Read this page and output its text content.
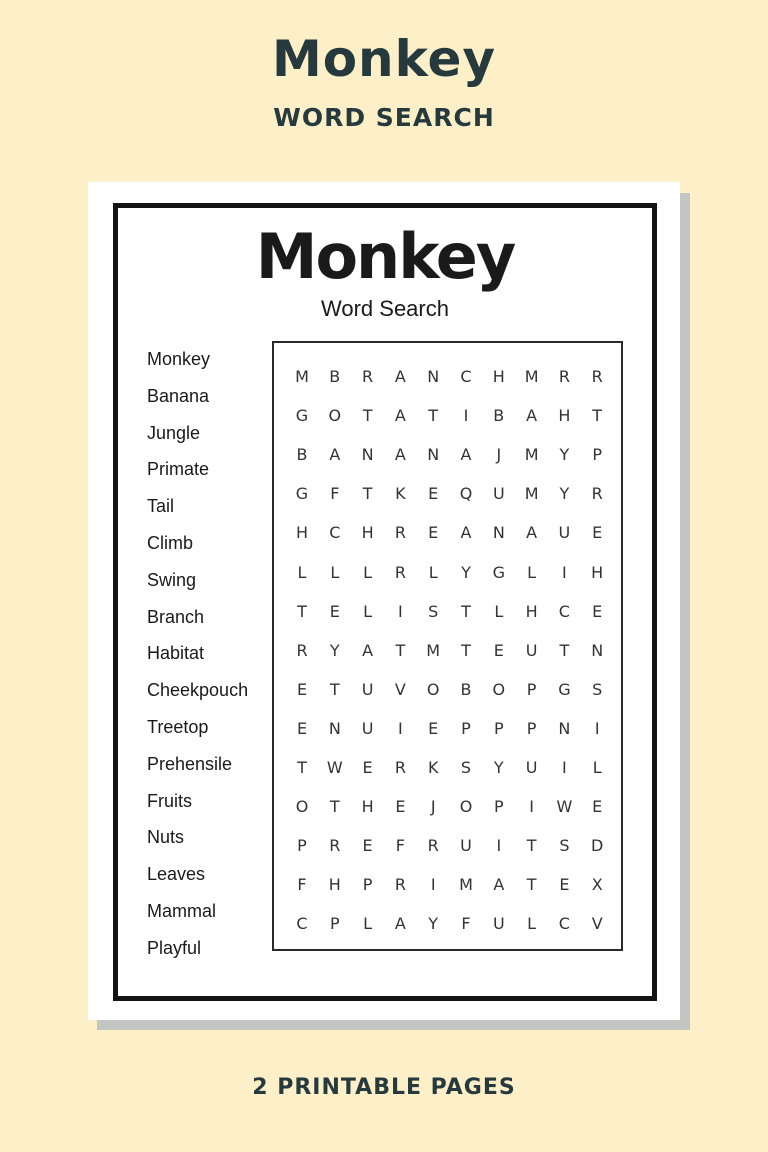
Monkey
WORD SEARCH
Monkey
Word Search
Monkey
Banana
Jungle
Primate
Tail
Climb
Swing
Branch
Habitat
Cheekpouch
Treetop
Prehensile
Fruits
Nuts
Leaves
Mammal
Playful
M	B	R	A	N	C	H	M	R	R
G	O	T	A	T	I	B	A	H	T
B	A	N	A	N	A	J	M	Y	P
G	F	T	K	E	Q	U	M	Y	R
H	C	H	R	E	A	N	A	U	E
L	L	L	R	L	Y	G	L	I	H
T	E	L	I	S	T	L	H	C	E
R	Y	A	T	M	T	E	U	T	N
E	T	U	V	O	B	O	P	G	S
E	N	U	I	E	P	P	P	N	I
T	W	E	R	K	S	Y	U	I	L
O	T	H	E	J	O	P	I	W	E
P	R	E	F	R	U	I	T	S	D
F	H	P	R	I	M	A	T	E	X
C	P	L	A	Y	F	U	L	C	V
2 PRINTABLE PAGES
